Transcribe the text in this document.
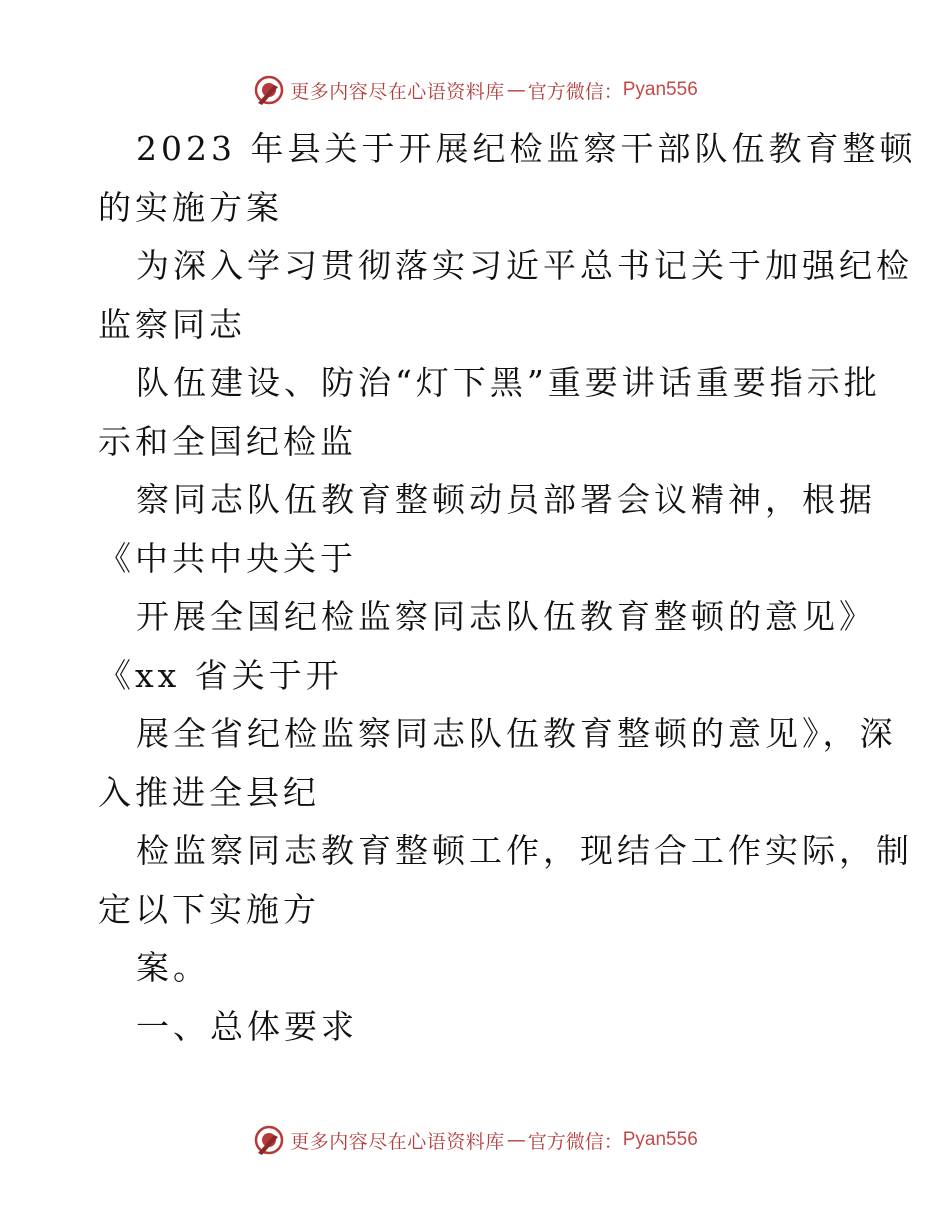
更多内容尽在心语资料库 — 官方微信： Pyan556

2023 年县关于开展纪检监察干部队伍教育整顿

的实施方案

为深入学习贯彻落实习近平总书记关于加强纪检

监察同志

队伍建设、防治“灯下黑”重要讲话重要指示批

示和全国纪检监

察同志队伍教育整顿动员部署会议精神，根据

《中共中央关于

开展全国纪检监察同志队伍教育整顿的意见》

《xx 省关于开

展全省纪检监察同志队伍教育整顿的意见》，深

入推进全县纪

检监察同志教育整顿工作，现结合工作实际，制

定以下实施方

案。

一、总体要求

更多内容尽在心语资料库 — 官方微信： Pyan556
